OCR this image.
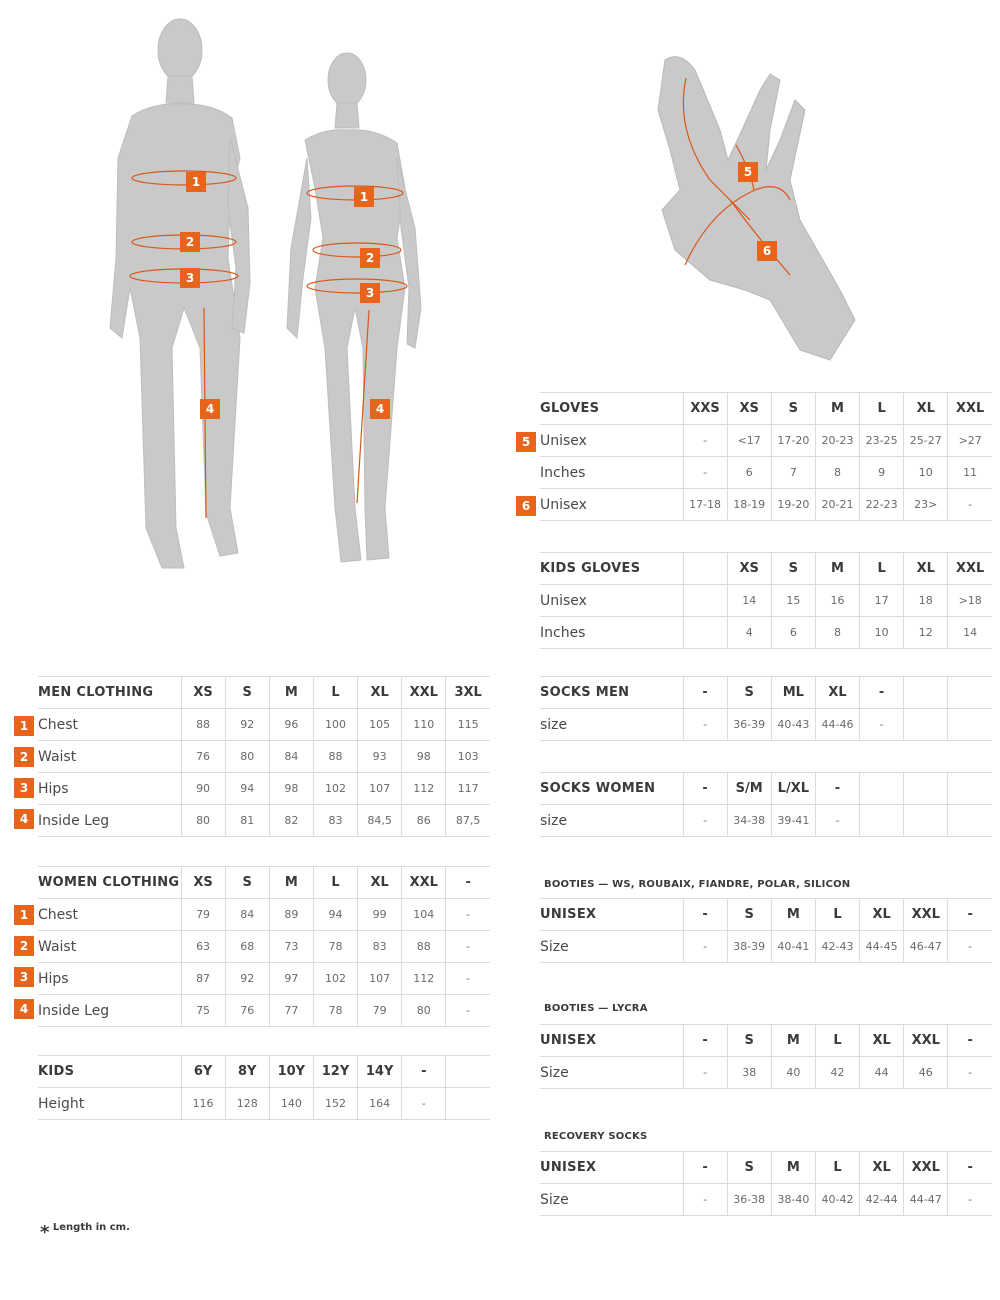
1
2
3
4
1
2
3
4
5
6
GLOVES	XXS	XS	S	M	L	XL	XXL
Unisex	-	<17	17-20	20-23	23-25	25-27	>27
Inches	-	6	7	8	9	10	11
Unisex	17-18	18-19	19-20	20-21	22-23	23>	-
5
6
KIDS GLOVES		XS	S	M	L	XL	XXL
Unisex		14	15	16	17	18	>18
Inches		4	6	8	10	12	14
MEN CLOTHING	XS	S	M	L	XL	XXL	3XL
Chest	88	92	96	100	105	110	115
Waist	76	80	84	88	93	98	103
Hips	90	94	98	102	107	112	117
Inside Leg	80	81	82	83	84,5	86	87,5
1
2
3
4
WOMEN CLOTHING	XS	S	M	L	XL	XXL	-
Chest	79	84	89	94	99	104	-
Waist	63	68	73	78	83	88	-
Hips	87	92	97	102	107	112	-
Inside Leg	75	76	77	78	79	80	-
1
2
3
4
KIDS	6Y	8Y	10Y	12Y	14Y	-	
Height	116	128	140	152	164	-	
SOCKS MEN	-	S	ML	XL	-		
size	-	36-39	40-43	44-46	-		
SOCKS WOMEN	-	S/M	L/XL	-			
size	-	34-38	39-41	-			
BOOTIES — WS, ROUBAIX, FIANDRE, POLAR, SILICON
UNISEX	-	S	M	L	XL	XXL	-
Size	-	38-39	40-41	42-43	44-45	46-47	-
BOOTIES — LYCRA
UNISEX	-	S	M	L	XL	XXL	-
Size	-	38	40	42	44	46	-
RECOVERY SOCKS
UNISEX	-	S	M	L	XL	XXL	-
Size	-	36-38	38-40	40-42	42-44	44-47	-
* Length in cm.
